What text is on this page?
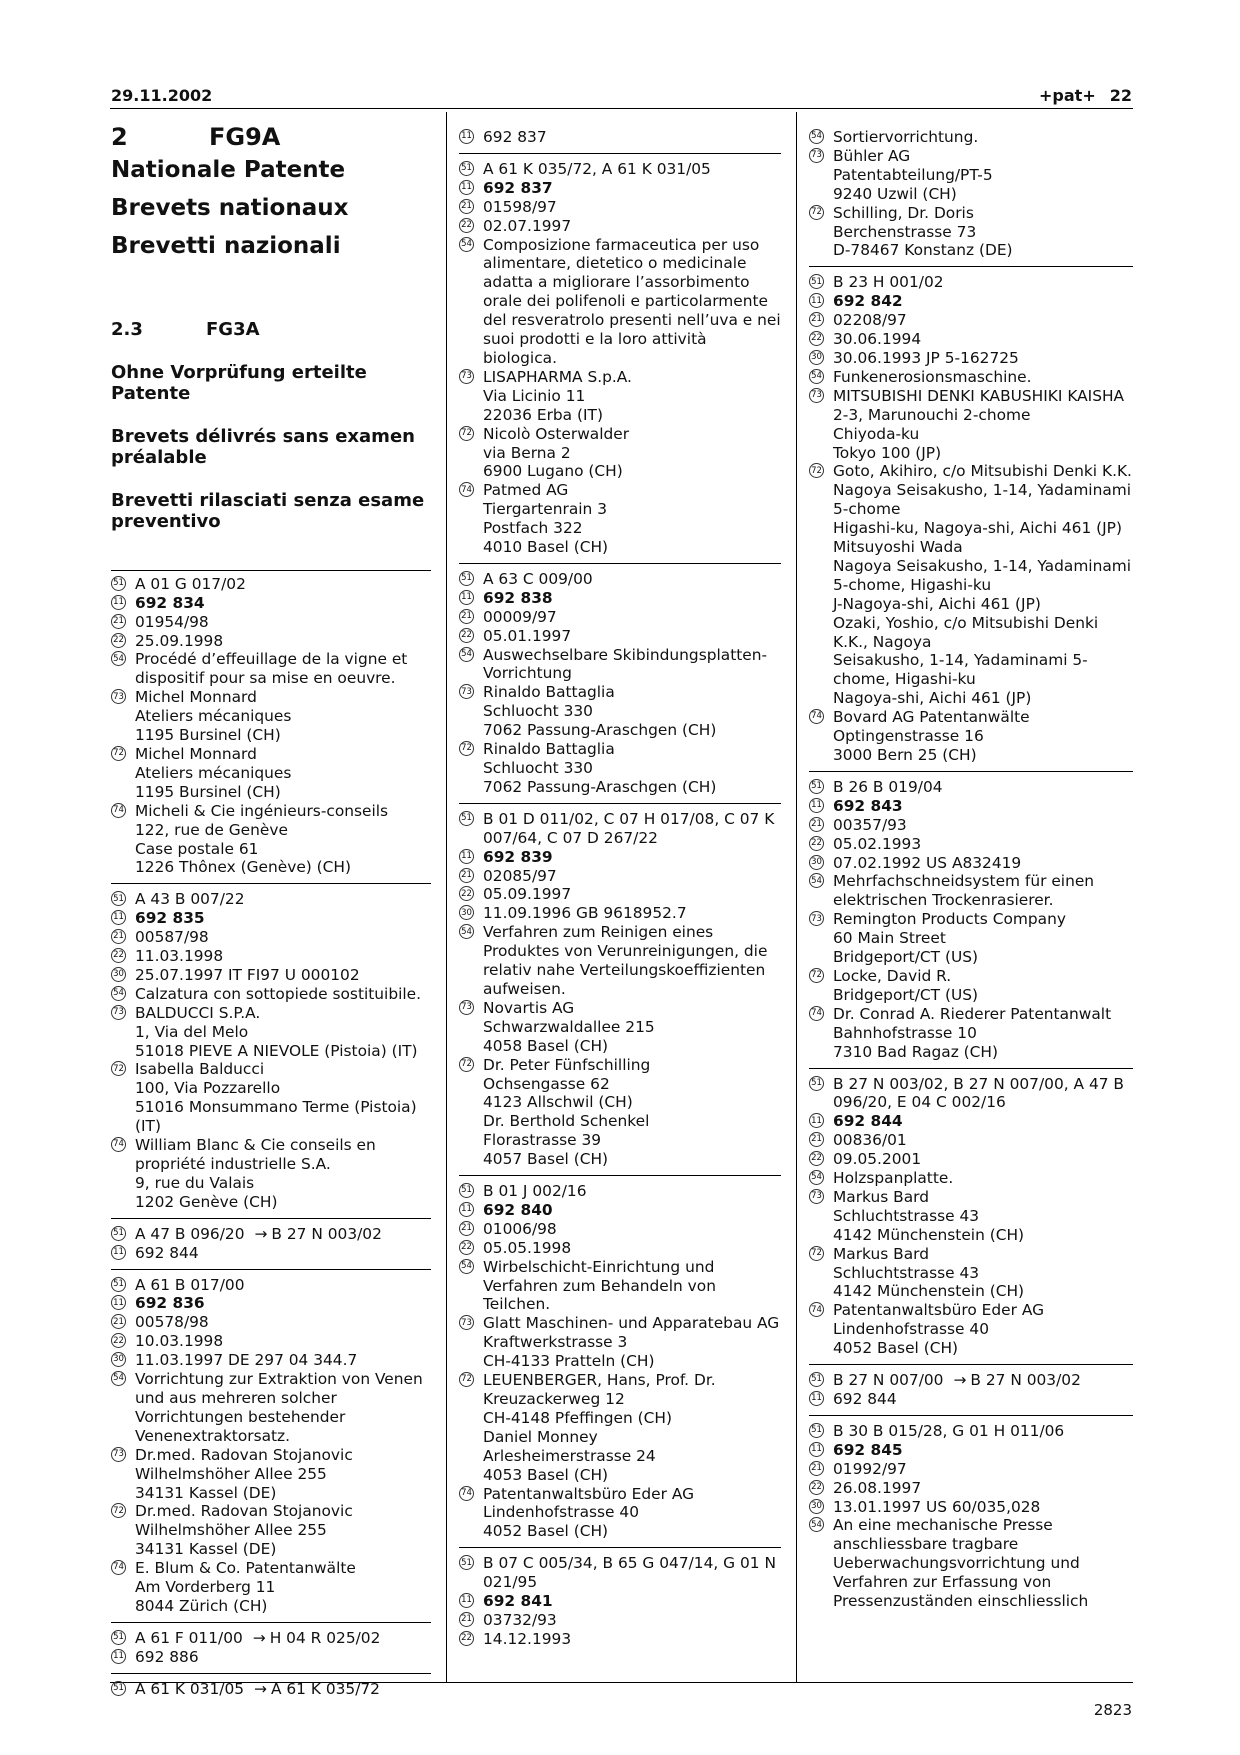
29.11.2002	+pat+ 22
2823
2	FG9A
Nationale Patente
Brevets nationaux
Brevetti nazionali
2.3	FG3A
Ohne Vorprüfung erteilte Patente
Brevets délivrés sans examen préalable
Brevetti rilasciati senza esame preventivo
51 A 01 G 017/02
11 692 834
21 01954/98
22 25.09.1998
54 Procédé d’effeuillage de la vigne et dispositif pour sa mise en oeuvre.
73 Michel Monnard
Ateliers mécaniques
1195 Bursinel (CH)
72 Michel Monnard
Ateliers mécaniques
1195 Bursinel (CH)
74 Micheli & Cie ingénieurs-conseils
122, rue de Genève
Case postale 61
1226 Thônex (Genève) (CH)
51 A 43 B 007/22
11 692 835
21 00587/98
22 11.03.1998
30 25.07.1997 IT FI97 U 000102
54 Calzatura con sottopiede sostituibile.
73 BALDUCCI S.P.A.
1, Via del Melo
51018 PIEVE A NIEVOLE (Pistoia) (IT)
72 Isabella Balducci
100, Via Pozzarello
51016 Monsummano Terme (Pistoia) (IT)
74 William Blanc & Cie conseils en propriété industrielle S.A.
9, rue du Valais
1202 Genève (CH)
51 A 47 B 096/20 → B 27 N 003/02
11 692 844
51 A 61 B 017/00
11 692 836
21 00578/98
22 10.03.1998
30 11.03.1997 DE 297 04 344.7
54 Vorrichtung zur Extraktion von Venen und aus mehreren solcher Vorrichtungen bestehender Venenextraktorsatz.
73 Dr.med. Radovan Stojanovic
Wilhelmshöher Allee 255
34131 Kassel (DE)
72 Dr.med. Radovan Stojanovic
Wilhelmshöher Allee 255
34131 Kassel (DE)
74 E. Blum & Co. Patentanwälte
Am Vorderberg 11
8044 Zürich (CH)
51 A 61 F 011/00 → H 04 R 025/02
11 692 886
51 A 61 K 031/05 → A 61 K 035/72
11 692 837
51 A 61 K 035/72, A 61 K 031/05
11 692 837
21 01598/97
22 02.07.1997
54 Composizione farmaceutica per uso alimentare, dietetico o medicinale adatta a migliorare l’assorbimento orale dei polifenoli e particolarmente del resveratrolo presenti nell’uva e nei suoi prodotti e la loro attività biologica.
73 LISAPHARMA S.p.A.
Via Licinio 11
22036 Erba (IT)
72 Nicolò Osterwalder
via Berna 2
6900 Lugano (CH)
74 Patmed AG
Tiergartenrain 3
Postfach 322
4010 Basel (CH)
51 A 63 C 009/00
11 692 838
21 00009/97
22 05.01.1997
54 Auswechselbare Skibindungsplatten-Vorrichtung
73 Rinaldo Battaglia
Schluocht 330
7062 Passung-Araschgen (CH)
72 Rinaldo Battaglia
Schluocht 330
7062 Passung-Araschgen (CH)
51 B 01 D 011/02, C 07 H 017/08, C 07 K 007/64, C 07 D 267/22
11 692 839
21 02085/97
22 05.09.1997
30 11.09.1996 GB 9618952.7
54 Verfahren zum Reinigen eines Produktes von Verunreinigungen, die relativ nahe Verteilungskoeffizienten aufweisen.
73 Novartis AG
Schwarzwaldallee 215
4058 Basel (CH)
72 Dr. Peter Fünfschilling
Ochsengasse 62
4123 Allschwil (CH)
Dr. Berthold Schenkel
Florastrasse 39
4057 Basel (CH)
51 B 01 J 002/16
11 692 840
21 01006/98
22 05.05.1998
54 Wirbelschicht-Einrichtung und Verfahren zum Behandeln von Teilchen.
73 Glatt Maschinen- und Apparatebau AG
Kraftwerkstrasse 3
CH-4133 Pratteln (CH)
72 LEUENBERGER, Hans, Prof. Dr.
Kreuzackerweg 12
CH-4148 Pfeffingen (CH)
Daniel Monney
Arlesheimerstrasse 24
4053 Basel (CH)
74 Patentanwaltsbüro Eder AG
Lindenhofstrasse 40
4052 Basel (CH)
51 B 07 C 005/34, B 65 G 047/14, G 01 N 021/95
11 692 841
21 03732/93
22 14.12.1993
54 Sortiervorrichtung.
73 Bühler AG
Patentabteilung/PT-5
9240 Uzwil (CH)
72 Schilling, Dr. Doris
Berchenstrasse 73
D-78467 Konstanz (DE)
51 B 23 H 001/02
11 692 842
21 02208/97
22 30.06.1994
30 30.06.1993 JP 5-162725
54 Funkenerosionsmaschine.
73 MITSUBISHI DENKI KABUSHIKI KAISHA
2-3, Marunouchi 2-chome
Chiyoda-ku
Tokyo 100 (JP)
72 Goto, Akihiro, c/o Mitsubishi Denki K.K.
Nagoya Seisakusho, 1-14, Yadaminami 5-chome
Higashi-ku, Nagoya-shi, Aichi 461 (JP)
Mitsuyoshi Wada
Nagoya Seisakusho, 1-14, Yadaminami 5-chome, Higashi-ku
J-Nagoya-shi, Aichi 461 (JP)
Ozaki, Yoshio, c/o Mitsubishi Denki K.K., Nagoya
Seisakusho, 1-14, Yadaminami 5-chome, Higashi-ku
Nagoya-shi, Aichi 461 (JP)
74 Bovard AG Patentanwälte
Optingenstrasse 16
3000 Bern 25 (CH)
51 B 26 B 019/04
11 692 843
21 00357/93
22 05.02.1993
30 07.02.1992 US A832419
54 Mehrfachschneidsystem für einen elektrischen Trockenrasierer.
73 Remington Products Company
60 Main Street
Bridgeport/CT (US)
72 Locke, David R.
Bridgeport/CT (US)
74 Dr. Conrad A. Riederer Patentanwalt
Bahnhofstrasse 10
7310 Bad Ragaz (CH)
51 B 27 N 003/02, B 27 N 007/00, A 47 B 096/20, E 04 C 002/16
11 692 844
21 00836/01
22 09.05.2001
54 Holzspanplatte.
73 Markus Bard
Schluchtstrasse 43
4142 Münchenstein (CH)
72 Markus Bard
Schluchtstrasse 43
4142 Münchenstein (CH)
74 Patentanwaltsbüro Eder AG
Lindenhofstrasse 40
4052 Basel (CH)
51 B 27 N 007/00 → B 27 N 003/02
11 692 844
51 B 30 B 015/28, G 01 H 011/06
11 692 845
21 01992/97
22 26.08.1997
30 13.01.1997 US 60/035,028
54 An eine mechanische Presse anschliessbare tragbare Ueberwachungsvorrichtung und Verfahren zur Erfassung von Pressenzuständen einschliesslich
